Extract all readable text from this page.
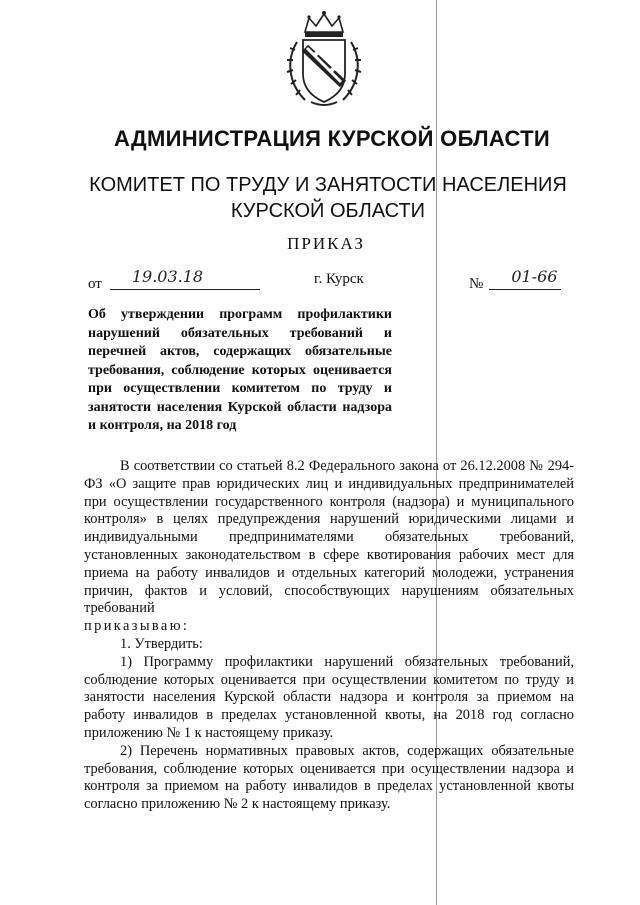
АДМИНИСТРАЦИЯ КУРСКОЙ ОБЛАСТИ
КОМИТЕТ ПО ТРУДУ И ЗАНЯТОСТИ НАСЕЛЕНИЯ
КУРСКОЙ ОБЛАСТИ
ПРИКАЗ
от 19.03.18	г. Курск	№ 01-66
Об утверждении программ профилактики нарушений обязательных требований и перечней актов, содержащих обязательные требования, соблюдение которых оценивается при осуществлении комитетом по труду и занятости населения Курской области надзора и контроля, на 2018 год

В соответствии со статьей 8.2 Федерального закона от 26.12.2008 № 294-ФЗ «О защите прав юридических лиц и индивидуальных предпринимателей при осуществлении государственного контроля (надзора) и муниципального контроля» в целях предупреждения нарушений юридическими лицами и индивидуальными предпринимателями обязательных требований, установленных законодательством в сфере квотирования рабочих мест для приема на работу инвалидов и отдельных категорий молодежи, устранения причин, фактов и условий, способствующих нарушениям обязательных требований

приказываю:

1. Утвердить:

1) Программу профилактики нарушений обязательных требований, соблюдение которых оценивается при осуществлении комитетом по труду и занятости населения Курской области надзора и контроля за приемом на работу инвалидов в пределах установленной квоты, на 2018 год согласно приложению № 1 к настоящему приказу.

2) Перечень нормативных правовых актов, содержащих обязательные требования, соблюдение которых оценивается при осуществлении надзора и контроля за приемом на работу инвалидов в пределах установленной квоты согласно приложению № 2 к настоящему приказу.
